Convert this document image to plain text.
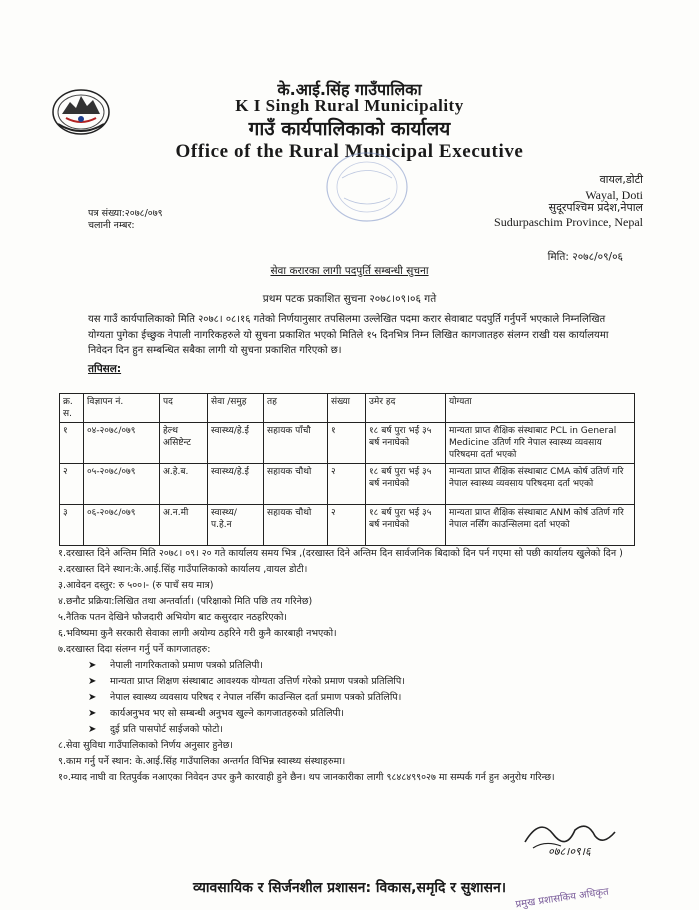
के.आई.सिंह गाउँपालिका
K I Singh Rural Municipality
गाउँ कार्यपालिकाको कार्यालय
Office of the Rural Municipal Executive
वायल,डोटी
Wayal, Doti
सुदूरपश्चिम प्रदेश,नेपाल
Sudurpaschim Province, Nepal
पत्र संख्या:२०७८/०७९
चलानी नम्बर:
मिति: २०७८/०९/०६
सेवा करारका लागी पदपुर्ति सम्बन्धी सुचना
प्रथम पटक प्रकाशित सुचना २०७८।०९।०६ गते
यस गाउँ कार्यपालिकाको मिति २०७८। ०८।१६ गतेको निर्णयानुसार तपसिलमा उल्लेखित पदमा करार सेवाबाट पदपुर्ति गर्नुपर्ने भएकाले निम्नलिखित योग्यता पुगेका ईच्छुक नेपाली नागरिकहरुले यो सुचना प्रकाशित भएको मितिले १५ दिनभित्र निम्न लिखित कागजातहरु संलग्न राखी यस कार्यालयमा निवेदन दिन हुन सम्बन्धित सबैका लागी यो सुचना प्रकाशित गरिएको छ।
तपिसल:
क्र. स.	विज्ञापन नं.	पद	सेवा /समुह	तह	संख्या	उमेर हद	योग्यता
१	०४-२०७८/०७९	हेल्थ असिष्टेन्ट	स्वास्थ्य/हे.ई	सहायक पाँचौ	१	१८ बर्ष पुरा भई ३५ बर्ष ननाघेको	मान्यता प्राप्त शैक्षिक संस्थाबाट PCL in General Medicine उतिर्ण गरि नेपाल स्वास्थ्य व्यवसाय परिषदमा दर्ता भएको
२	०५-२०७८/०७९	अ.हे.ब.	स्वास्थ्य/हे.ई	सहायक चौथो	२	१८ बर्ष पुरा भई ३५ बर्ष ननाघेको	मान्यता प्राप्त शैक्षिक संस्थाबाट CMA कोर्ष उतिर्ण गरि नेपाल स्वास्थ्य व्यवसाय परिषदमा दर्ता भएको
३	०६-२०७८/०७९	अ.न.मी	स्वास्थ्य/ प.हे.न	सहायक चौथो	२	१८ बर्ष पुरा भई ३५ बर्ष ननाघेको	मान्यता प्राप्त शैक्षिक संस्थाबाट ANM कोर्ष उतिर्ण गरि नेपाल नर्सिंग काउन्सिलमा दर्ता भएको
१.दरखास्त दिने अन्तिम मिति २०७८। ०९। २० गते कार्यालय समय भित्र ,(दरखास्त दिने अन्तिम दिन सार्वजनिक बिदाको दिन पर्न गएमा सो पछी कार्यालय खुलेको दिन )
२.दरखास्त दिने स्थान:के.आई.सिंह गाउँपालिकाको कार्यालय ,वायल डोटी।
३.आवेदन दस्तुर: रु ५००।- (रु पाचँ सय मात्र)
४.छनौट प्रक्रिया:लिखित तथा अन्तर्वार्ता। (परिक्षाको मिति पछि तय गरिनेछ)
५.नैतिक पतन देखिने फौजदारी अभियोग बाट कसुरदार नठहरिएको।
६.भविष्यमा कुनै सरकारी सेवाका लागी अयोग्य ठहरिने गरी कुनै कारबाही नभएको।
७.दरखास्त दिदा संलग्न गर्नु पर्ने कागजातहरु:
➤ नेपाली नागरिकताको प्रमाण पत्रको प्रतिलिपी।
➤ मान्यता प्राप्त शिक्षण संस्थाबाट आवश्यक योग्यता उत्तिर्ण गरेको प्रमाण पत्रको प्रतिलिपि।
➤ नेपाल स्वास्थ्य व्यवसाय परिषद र नेपाल नर्सिंग काउन्सिल दर्ता प्रमाण पत्रको प्रतिलिपि।
➤ कार्यअनुभव भए सो सम्बन्धी अनुभव खुल्ने कागजातहरुको प्रतिलिपी।
➤ दुई प्रति पासपोर्ट साईजको फोटो।
८.सेवा सुविधा गाउँपालिकाको निर्णय अनुसार हुनेछ।
९.काम गर्नु पर्ने स्थान: के.आई.सिंह गाउँपालिका अन्तर्गत विभिन्न स्वास्थ्य संस्थाहरुमा।
१०.म्याद नाघी वा रितपुर्वक नआएका निवेदन उपर कुनै कारवाही हुने छैन। थप जानकारीका लागी ९८४८४९९०२७ मा सम्पर्क गर्न हुन अनुरोध गरिन्छ।
०७८।०९।६
व्यावसायिक र सिर्जनशील प्रशासन: विकास,समृदि र सुशासन। प्रमुख प्रशासकिय अधिकृत
